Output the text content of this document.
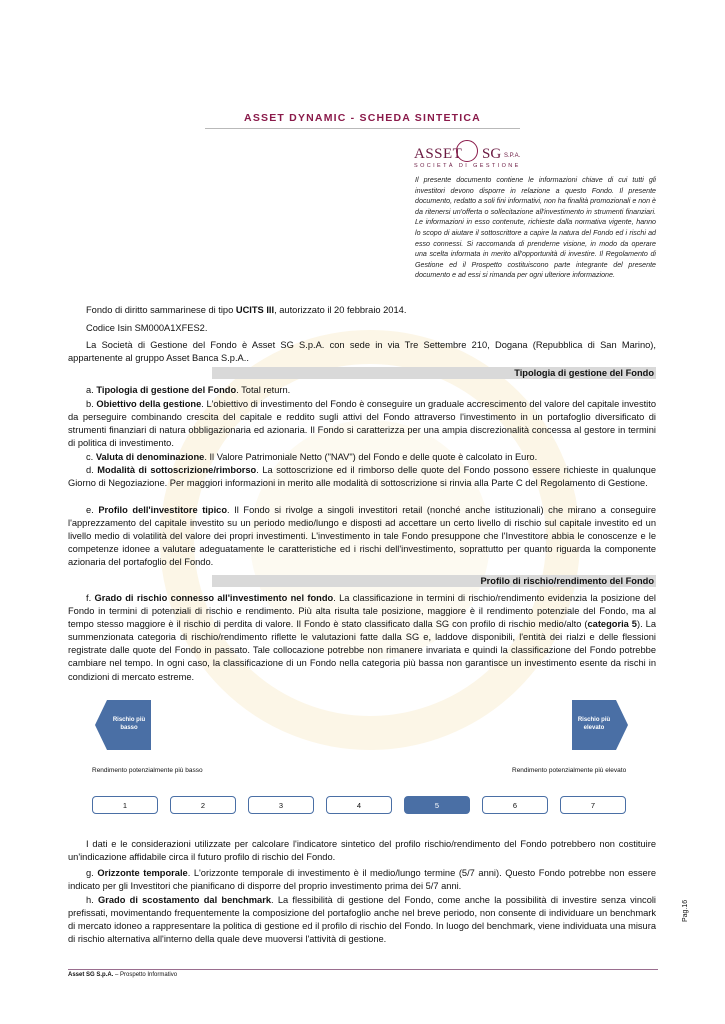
ASSET DYNAMIC - SCHEDA SINTETICA
ASSET SG S.P.A.
SOCIETÀ DI GESTIONE
Il presente documento contiene le informazioni chiave di cui tutti gli investitori devono disporre in relazione a questo Fondo. Il presente documento, redatto a soli fini informativi, non ha finalità promozionali e non è da ritenersi un'offerta o sollecitazione all'investimento in strumenti finanziari. Le informazioni in esso contenute, richieste dalla normativa vigente, hanno lo scopo di aiutare il sottoscrittore a capire la natura del Fondo ed i rischi ad esso connessi. Si raccomanda di prenderne visione, in modo da operare una scelta informata in merito all'opportunità di investire. Il Regolamento di Gestione ed il Prospetto costituiscono parte integrante del presente documento e ad essi si rimanda per ogni ulteriore informazione.
Fondo di diritto sammarinese di tipo UCITS III, autorizzato il 20 febbraio 2014.
Codice Isin SM000A1XFES2.
La Società di Gestione del Fondo è Asset SG S.p.A. con sede in via Tre Settembre 210, Dogana (Repubblica di San Marino), appartenente al gruppo Asset Banca S.p.A..
Tipologia di gestione del Fondo
a. Tipologia di gestione del Fondo. Total return.
b. Obiettivo della gestione. L'obiettivo di investimento del Fondo è conseguire un graduale accrescimento del valore del capitale investito da perseguire combinando crescita del capitale e reddito sugli attivi del Fondo attraverso l'investimento in un portafoglio diversificato di strumenti finanziari di natura obbligazionaria ed azionaria. Il Fondo si caratterizza per una ampia discrezionalità concessa al gestore in termini di politica di investimento.
c. Valuta di denominazione. Il Valore Patrimoniale Netto ("NAV") del Fondo e delle quote è calcolato in Euro.
d. Modalità di sottoscrizione/rimborso. La sottoscrizione ed il rimborso delle quote del Fondo possono essere richieste in qualunque Giorno di Negoziazione. Per maggiori informazioni in merito alle modalità di sottoscrizione si rinvia alla Parte C del Regolamento di Gestione.
e. Profilo dell'investitore tipico. Il Fondo si rivolge a singoli investitori retail (nonché anche istituzionali) che mirano a conseguire l'apprezzamento del capitale investito su un periodo medio/lungo e disposti ad accettare un certo livello di rischio sul capitale investito ed un livello medio di volatilità del valore dei propri investimenti. L'investimento in tale Fondo presuppone che l'Investitore abbia le conoscenze e le competenze idonee a valutare adeguatamente le caratteristiche ed i rischi dell'investimento, soprattutto per quanto riguarda la componente azionaria del portafoglio del Fondo.
Profilo di rischio/rendimento del Fondo
f. Grado di rischio connesso all'investimento nel fondo. La classificazione in termini di rischio/rendimento evidenzia la posizione del Fondo in termini di potenziali di rischio e rendimento. Più alta risulta tale posizione, maggiore è il rendimento potenziale del Fondo, ma al tempo stesso maggiore è il rischio di perdita di valore. Il Fondo è stato classificato dalla SG con profilo di rischio medio/alto (categoria 5). La summenzionata categoria di rischio/rendimento riflette le valutazioni fatte dalla SG e, laddove disponibili, l'entità dei rialzi e delle flessioni registrate dalle quote del Fondo in passato. Tale collocazione potrebbe non rimanere invariata e quindi la classificazione del Fondo potrebbe cambiare nel tempo. In ogni caso, la classificazione di un Fondo nella categoria più bassa non garantisce un investimento esente da rischi in condizioni di mercato estreme.
Rischio più basso
Rischio più elevato
Rendimento potenzialmente più basso	Rendimento potenzialmente più elevato
1	2	3	4	5	6	7
I dati e le considerazioni utilizzate per calcolare l'indicatore sintetico del profilo rischio/rendimento del Fondo potrebbero non costituire un'indicazione affidabile circa il futuro profilo di rischio del Fondo.
g. Orizzonte temporale. L'orizzonte temporale di investimento è il medio/lungo termine (5/7 anni). Questo Fondo potrebbe non essere indicato per gli Investitori che pianificano di disporre del proprio investimento prima dei 5/7 anni.
h. Grado di scostamento dal benchmark. La flessibilità di gestione del Fondo, come anche la possibilità di investire senza vincoli prefissati, movimentando frequentemente la composizione del portafoglio anche nel breve periodo, non consente di individuare un benchmark di mercato idoneo a rappresentare la politica di gestione ed il profilo di rischio del Fondo. In luogo del benchmark, viene individuata una misura di rischio alternativa all'interno della quale deve muoversi l'attività di gestione.
Pag.16
Asset SG S.p.A. – Prospetto Informativo
